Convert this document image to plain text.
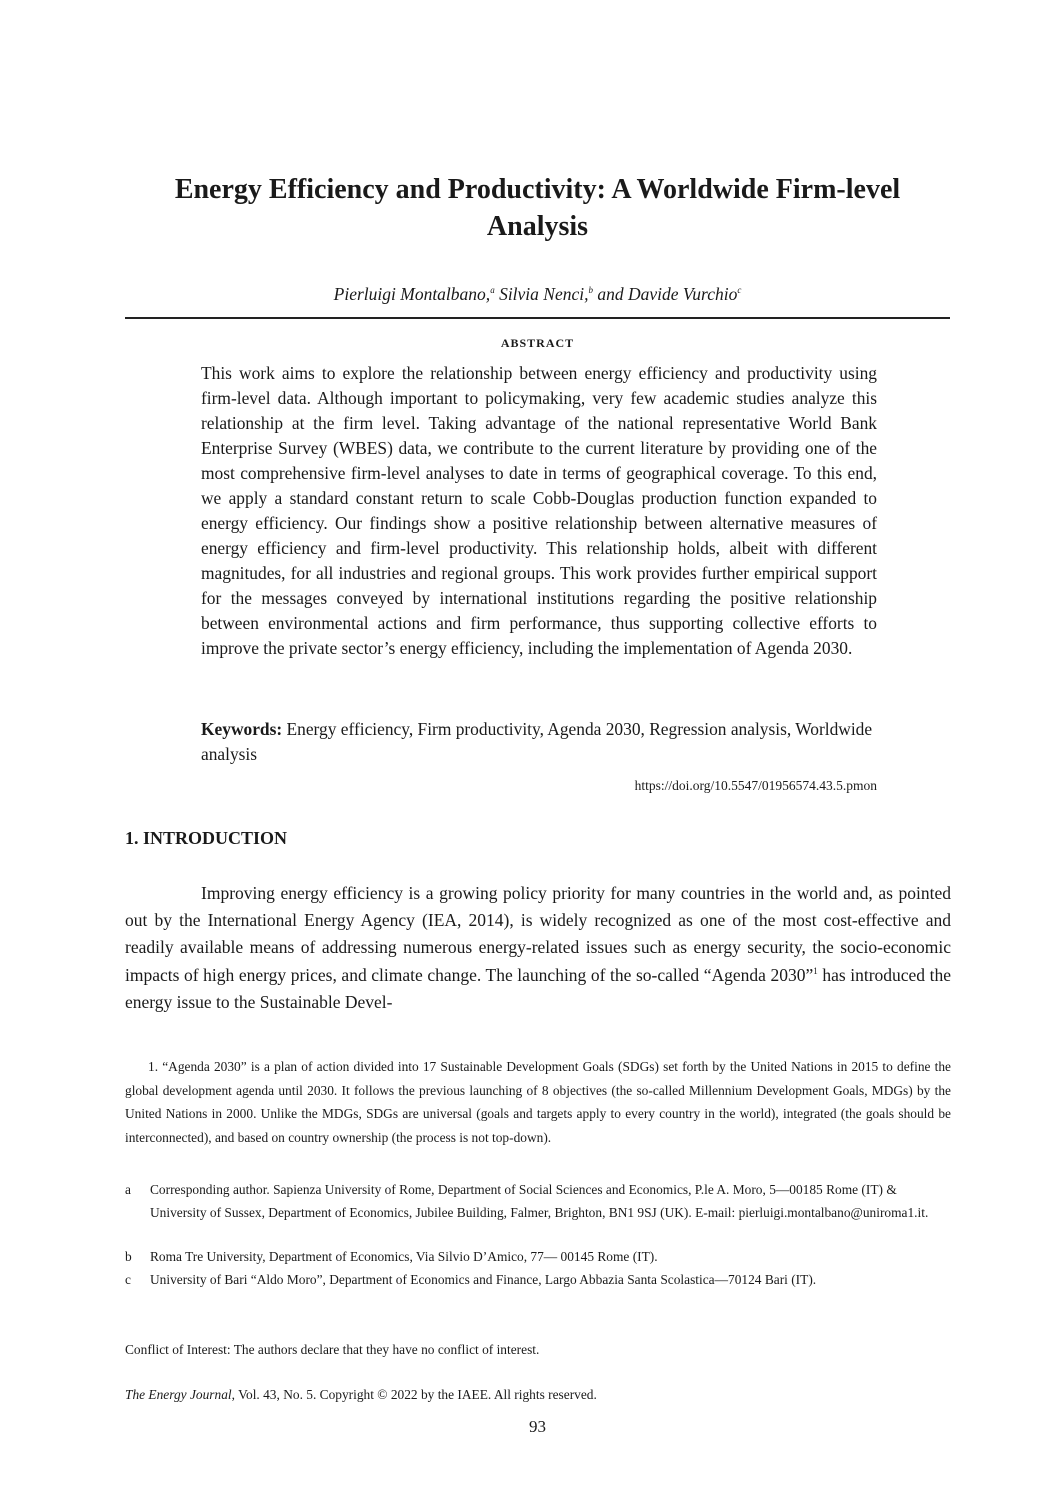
Energy Efficiency and Productivity: A Worldwide Firm-level Analysis
Pierluigi Montalbano,$^a$ Silvia Nenci,$^b$ and Davide Vurchio$^c$
ABSTRACT

This work aims to explore the relationship between energy efficiency and productivity using firm-level data. Although important to policymaking, very few academic studies analyze this relationship at the firm level. Taking advantage of the national representative World Bank Enterprise Survey (WBES) data, we contribute to the current literature by providing one of the most comprehensive firm-level analyses to date in terms of geographical coverage. To this end, we apply a standard constant return to scale Cobb-Douglas production function expanded to energy efficiency. Our findings show a positive relationship between alternative measures of energy efficiency and firm-level productivity. This relationship holds, albeit with different magnitudes, for all industries and regional groups. This work provides further empirical support for the messages conveyed by international institutions regarding the positive relationship between environmental actions and firm performance, thus supporting collective efforts to improve the private sector’s energy efficiency, including the implementation of Agenda 2030.

Keywords: Energy efficiency, Firm productivity, Agenda 2030, Regression analysis, Worldwide analysis

https://doi.org/10.5547/01956574.43.5.pmon
1. INTRODUCTION

Improving energy efficiency is a growing policy priority for many countries in the world and, as pointed out by the International Energy Agency (IEA, 2014), is widely recognized as one of the most cost-effective and readily available means of addressing numerous energy-related issues such as energy security, the socio-economic impacts of high energy prices, and climate change. The launching of the so-called “Agenda 2030”$^1$ has introduced the energy issue to the Sustainable Devel-

1. “Agenda 2030” is a plan of action divided into 17 Sustainable Development Goals (SDGs) set forth by the United Nations in 2015 to define the global development agenda until 2030. It follows the previous launching of 8 objectives (the so-called Millennium Development Goals, MDGs) by the United Nations in 2000. Unlike the MDGs, SDGs are universal (goals and targets apply to every country in the world), integrated (the goals should be interconnected), and based on country ownership (the process is not top-down).

a	Corresponding author. Sapienza University of Rome, Department of Social Sciences and Economics, P.le A. Moro, 5—00185 Rome (IT) & University of Sussex, Department of Economics, Jubilee Building, Falmer, Brighton, BN1 9SJ (UK). E-mail: pierluigi.montalbano@uniroma1.it.
b	Roma Tre University, Department of Economics, Via Silvio D’Amico, 77— 00145 Rome (IT).
c	University of Bari “Aldo Moro”, Department of Economics and Finance, Largo Abbazia Santa Scolastica—70124 Bari (IT).
Conflict of Interest: The authors declare that they have no conflict of interest.
The Energy Journal, Vol. 43, No. 5. Copyright © 2022 by the IAEE. All rights reserved.
93
